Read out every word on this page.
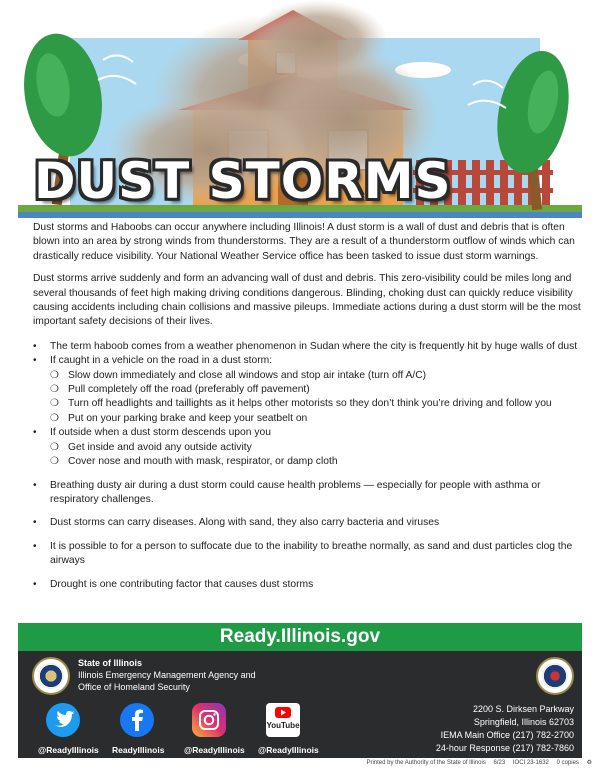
DUST STORMS

Dust storms and Haboobs can occur anywhere including Illinois! A dust storm is a wall of dust and debris that is often blown into an area by strong winds from thunderstorms. They are a result of a thunderstorm outflow of winds which can drastically reduce visibility. Your National Weather Service office has been tasked to issue dust storm warnings.

Dust storms arrive suddenly and form an advancing wall of dust and debris. This zero-visibility could be miles long and several thousands of feet high making driving conditions dangerous. Blinding, choking dust can quickly reduce visibility causing accidents including chain collisions and massive pileups. Immediate actions during a dust storm will be the most important safety decisions of their lives.

• The term haboob comes from a weather phenomenon in Sudan where the city is frequently hit by huge walls of dust
• If caught in a vehicle on the road in a dust storm:
❍ Slow down immediately and close all windows and stop air intake (turn off A/C)
❍ Pull completely off the road (preferably off pavement)
❍ Turn off headlights and taillights as it helps other motorists so they don’t think you’re driving and follow you
❍ Put on your parking brake and keep your seatbelt on
• If outside when a dust storm descends upon you
❍ Get inside and avoid any outside activity
❍ Cover nose and mouth with mask, respirator, or damp cloth
• Breathing dusty air during a dust storm could cause health problems — especially for people with asthma or respiratory challenges.
• Dust storms can carry diseases. Along with sand, they also carry bacteria and viruses
• It is possible to for a person to suffocate due to the inability to breathe normally, as sand and dust particles clog the airways
• Drought is one contributing factor that causes dust storms
Ready.Illinois.gov
State of Illinois
Illinois Emergency Management Agency and
Office of Homeland Security
@ReadyIllinois ReadyIllinois @ReadyIllinois
YouTube
@ReadyIllinois
2200 S. Dirksen Parkway
Springfield, Illinois 62703
IEMA Main Office (217) 782-2700
24-hour Response (217) 782-7860
Printed by the Authority of the State of Illinois 6/23 IOCI 23-1632 0 copies ♻
